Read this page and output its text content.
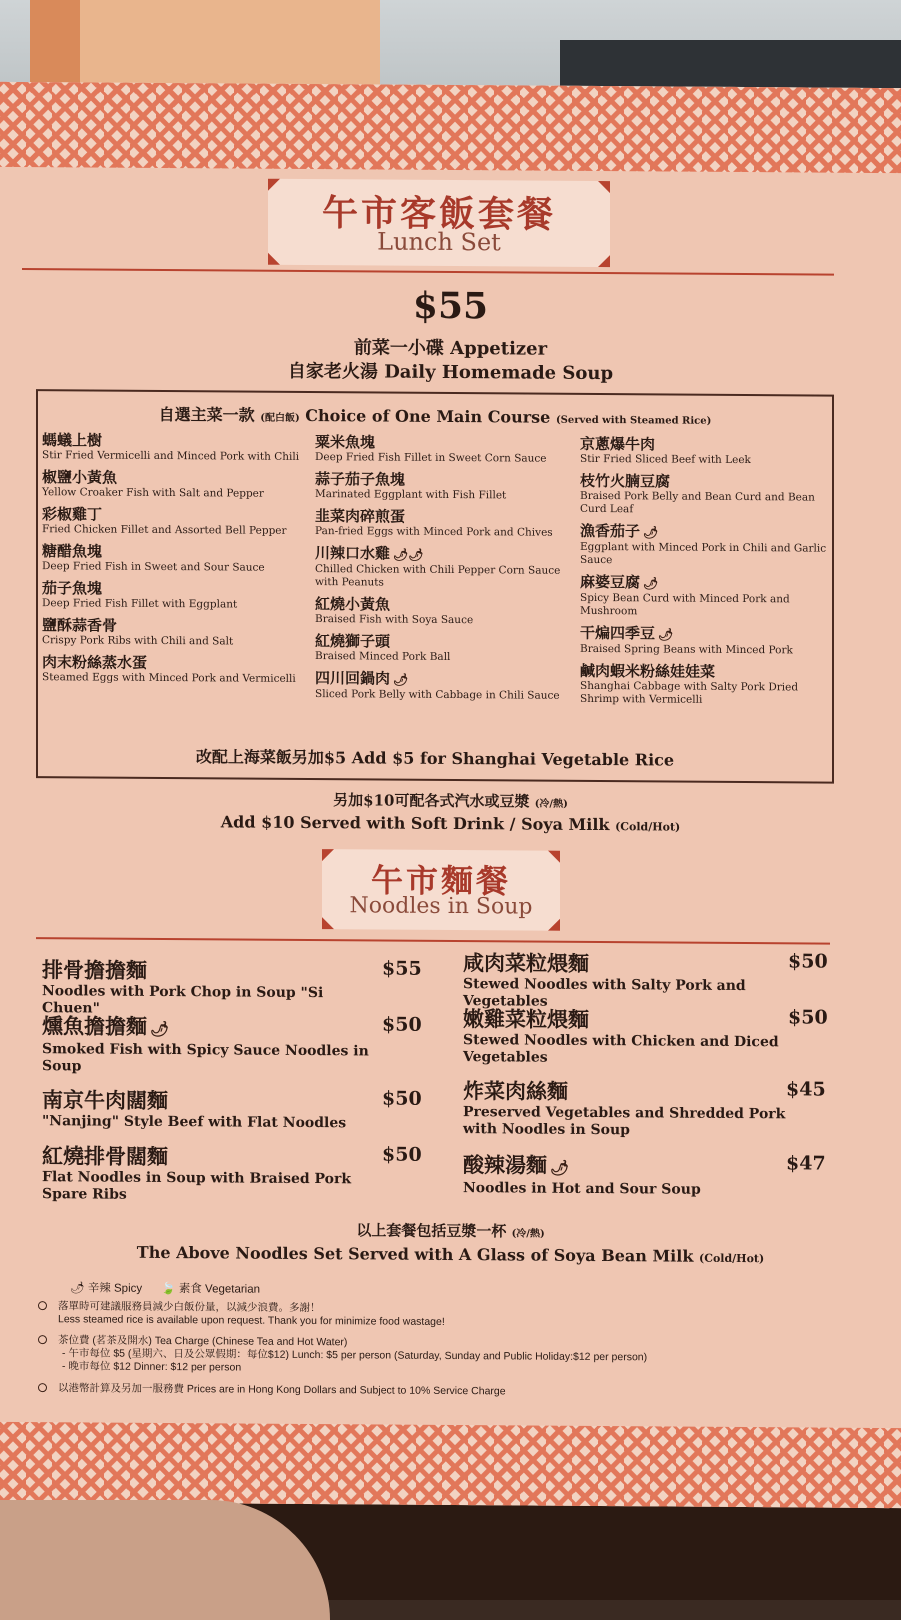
午市客飯套餐
Lunch Set
$55
前菜一小碟 Appetizer
自家老火湯 Daily Homemade Soup
自選主菜一款 (配白飯) Choice of One Main Course (Served with Steamed Rice)
螞蟻上樹
Stir Fried Vermicelli and Minced Pork with Chili
椒鹽小黃魚
Yellow Croaker Fish with Salt and Pepper
彩椒雞丁
Fried Chicken Fillet and Assorted Bell Pepper
糖醋魚塊
Deep Fried Fish in Sweet and Sour Sauce
茄子魚塊
Deep Fried Fish Fillet with Eggplant
鹽酥蒜香骨
Crispy Pork Ribs with Chili and Salt
肉末粉絲蒸水蛋
Steamed Eggs with Minced Pork and Vermicelli
粟米魚塊
Deep Fried Fish Fillet in Sweet Corn Sauce
蒜子茄子魚塊
Marinated Eggplant with Fish Fillet
韭菜肉碎煎蛋
Pan-fried Eggs with Minced Pork and Chives
川辣口水雞 🌶🌶
Chilled Chicken with Chili Pepper Corn Sauce with Peanuts
紅燒小黃魚
Braised Fish with Soya Sauce
紅燒獅子頭
Braised Minced Pork Ball
四川回鍋肉 🌶
Sliced Pork Belly with Cabbage in Chili Sauce
京蔥爆牛肉
Stir Fried Sliced Beef with Leek
枝竹火腩豆腐
Braised Pork Belly and Bean Curd and Bean Curd Leaf
漁香茄子 🌶
Eggplant with Minced Pork in Chili and Garlic Sauce
麻婆豆腐 🌶
Spicy Bean Curd with Minced Pork and Mushroom
干煸四季豆 🌶
Braised Spring Beans with Minced Pork
鹹肉蝦米粉絲娃娃菜
Shanghai Cabbage with Salty Pork Dried Shrimp with Vermicelli
改配上海菜飯另加$5 Add $5 for Shanghai Vegetable Rice
另加$10可配各式汽水或豆漿 (冷/熱)
Add $10 Served with Soft Drink / Soya Milk (Cold/Hot)
午市麵餐
Noodles in Soup
排骨擔擔麵
Noodles with Pork Chop in Soup "Si Chuen"
$55
燻魚擔擔麵 🌶
Smoked Fish with Spicy Sauce Noodles in Soup
$50
南京牛肉闊麵
"Nanjing" Style Beef with Flat Noodles
$50
紅燒排骨闊麵
Flat Noodles in Soup with Braised Pork Spare Ribs
$50
咸肉菜粒煨麵
Stewed Noodles with Salty Pork and Vegetables
$50
嫩雞菜粒煨麵
Stewed Noodles with Chicken and Diced Vegetables
$50
炸菜肉絲麵
Preserved Vegetables and Shredded Pork with Noodles in Soup
$45
酸辣湯麵 🌶
Noodles in Hot and Sour Soup
$47
以上套餐包括豆漿一杯 (冷/熱)
The Above Noodles Set Served with A Glass of Soya Bean Milk (Cold/Hot)
🌶 辛辣 Spicy 🍃 素食 Vegetarian
落單時可建議服務員減少白飯份量，以減少浪費。多謝！
Less steamed rice is available upon request. Thank you for minimize food wastage!
茶位費 (茗茶及開水) Tea Charge (Chinese Tea and Hot Water)
- 午市每位 $5 (星期六、日及公眾假期：每位$12) Lunch: $5 per person (Saturday, Sunday and Public Holiday:$12 per person)
- 晚市每位 $12 Dinner: $12 per person
以港幣計算及另加一服務費 Prices are in Hong Kong Dollars and Subject to 10% Service Charge
